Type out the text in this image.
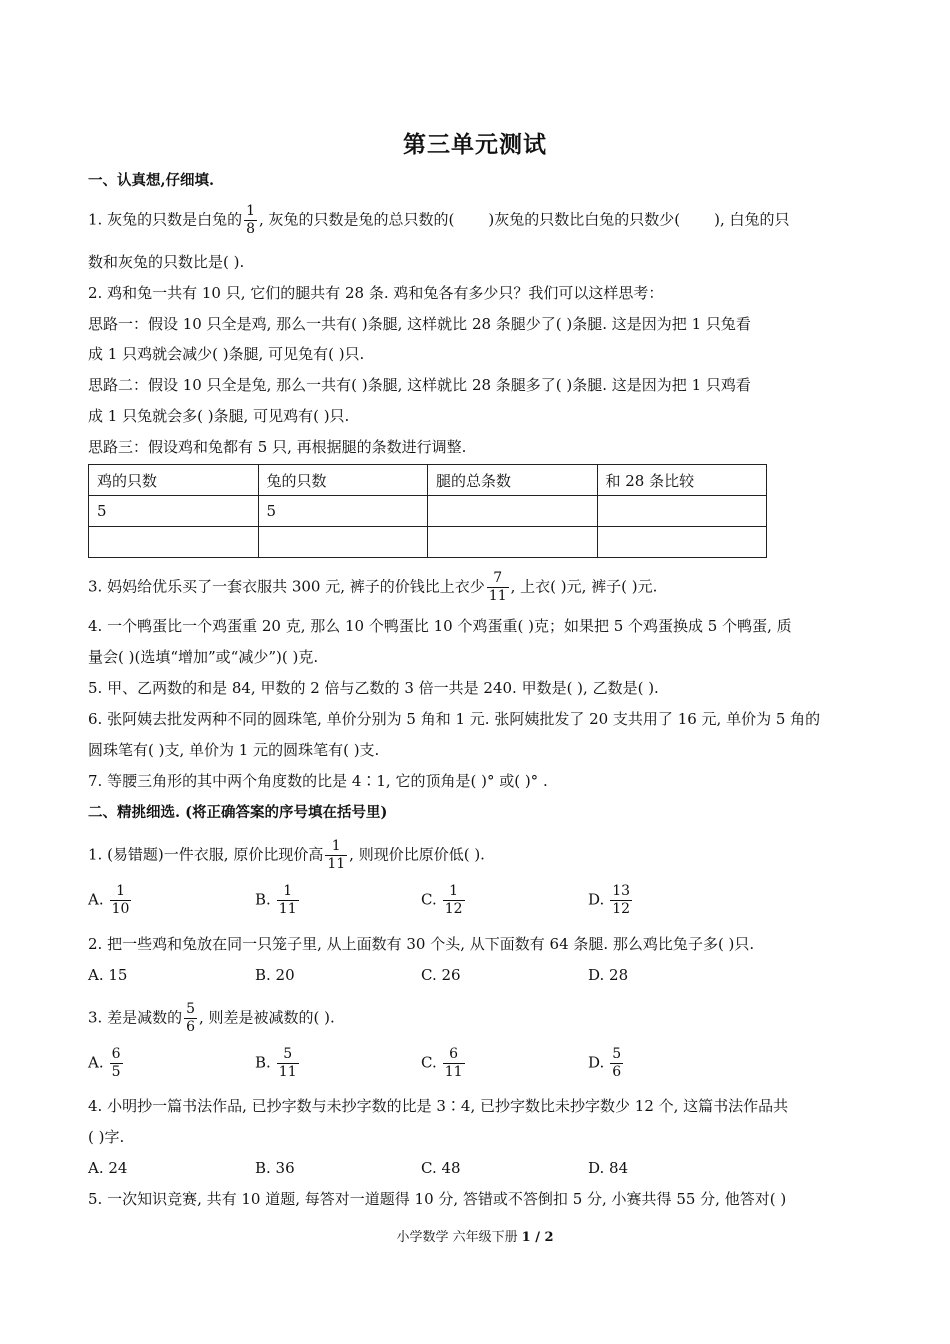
第三单元测试
一、认真想,仔细填.
1. 灰兔的只数是白兔的 $\frac{1}{8}$ , 灰兔的只数是兔的总只数的( )灰兔的只数比白兔的只数少( ), 白兔的只
数和灰兔的只数比是( ).
2. 鸡和兔一共有 10 只, 它们的腿共有 28 条. 鸡和兔各有多少只？我们可以这样思考：
思路一：假设 10 只全是鸡, 那么一共有( )条腿, 这样就比 28 条腿少了( )条腿. 这是因为把 1 只兔看
成 1 只鸡就会减少( )条腿, 可见兔有( )只.
思路二：假设 10 只全是兔, 那么一共有( )条腿, 这样就比 28 条腿多了( )条腿. 这是因为把 1 只鸡看
成 1 只兔就会多( )条腿, 可见鸡有( )只.
思路三：假设鸡和兔都有 5 只, 再根据腿的条数进行调整.
鸡的只数	兔的只数	腿的总条数	和 28 条比较
5	5		

3. 妈妈给优乐买了一套衣服共 300 元, 裤子的价钱比上衣少 $\frac{7}{11}$ , 上衣( )元, 裤子( )元.
4. 一个鸭蛋比一个鸡蛋重 20 克, 那么 10 个鸭蛋比 10 个鸡蛋重( )克；如果把 5 个鸡蛋换成 5 个鸭蛋, 质
量会( )(选填“增加”或“减少”)( )克.
5. 甲、乙两数的和是 84, 甲数的 2 倍与乙数的 3 倍一共是 240. 甲数是( ), 乙数是( ).
6. 张阿姨去批发两种不同的圆珠笔, 单价分别为 5 角和 1 元. 张阿姨批发了 20 支共用了 16 元, 单价为 5 角的
圆珠笔有( )支, 单价为 1 元的圆珠笔有( )支.
7. 等腰三角形的其中两个角度数的比是 4∶1, 它的顶角是( )° 或( )° .
二、精挑细选. (将正确答案的序号填在括号里)
1. (易错题)一件衣服, 原价比现价高 $\frac{1}{11}$ , 则现价比原价低( ).
A. $\frac{1}{10}$	B. $\frac{1}{11}$	C. $\frac{1}{12}$	D. $\frac{13}{12}$
2. 把一些鸡和兔放在同一只笼子里, 从上面数有 30 个头, 从下面数有 64 条腿. 那么鸡比兔子多( )只.
A. 15	B. 20	C. 26	D. 28
3. 差是减数的 $\frac{5}{6}$ , 则差是被减数的( ).
A. $\frac{6}{5}$	B. $\frac{5}{11}$	C. $\frac{6}{11}$	D. $\frac{5}{6}$
4. 小明抄一篇书法作品, 已抄字数与未抄字数的比是 3∶4, 已抄字数比未抄字数少 12 个, 这篇书法作品共
( )字.
A. 24	B. 36	C. 48	D. 84
5. 一次知识竞赛, 共有 10 道题, 每答对一道题得 10 分, 答错或不答倒扣 5 分, 小赛共得 55 分, 他答对( )
小学数学 六年级下册 1 / 2
